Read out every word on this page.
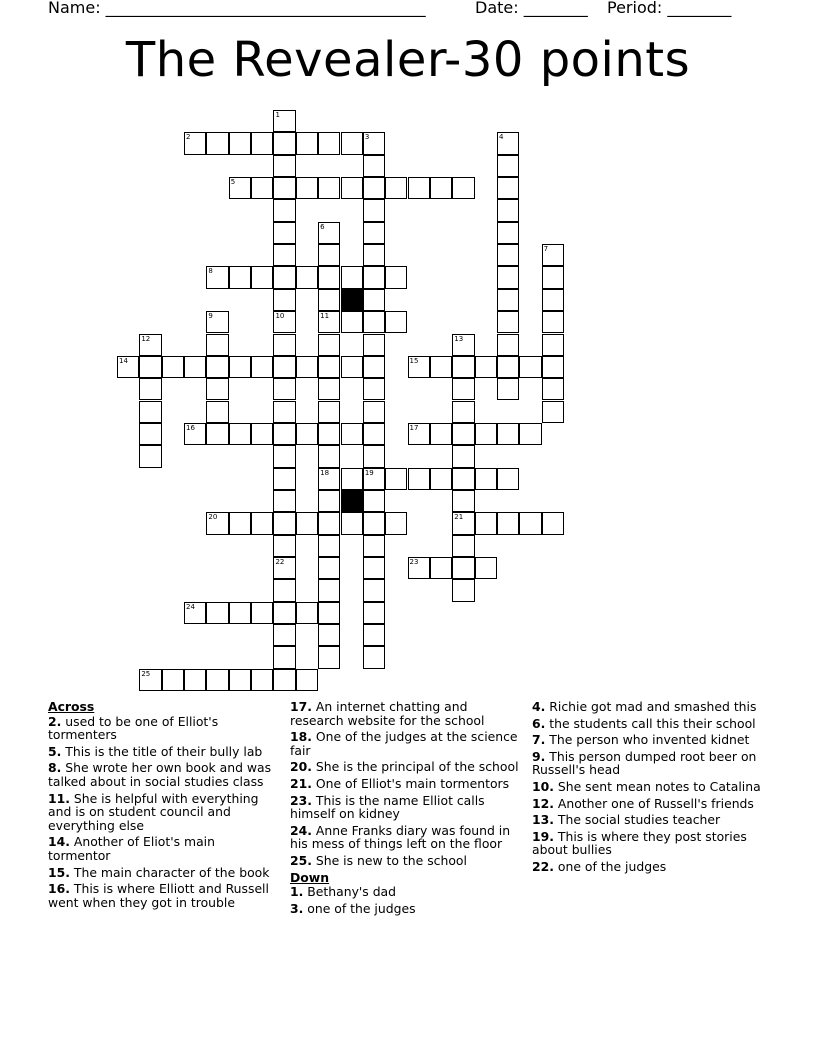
Name: ________________________________________	Date: ________ Period: ________
The Revealer-30 points
1
10
22
2	3
19
4
5
6
11
18
7
8
9
12	13
21
14	15
16	17
20
23
24
25
Across
2. used to be one of Elliot's tormenters
5. This is the title of their bully lab
8. She wrote her own book and was talked about in social studies class
11. She is helpful with everything and is on student council and everything else
14. Another of Eliot's main tormentor
15. The main character of the book
16. This is where Elliott and Russell went when they got in trouble
17. An internet chatting and research website for the school
18. One of the judges at the science fair
20. She is the principal of the school
21. One of Elliot's main tormentors
23. This is the name Elliot calls himself on kidney
24. Anne Franks diary was found in his mess of things left on the floor
25. She is new to the school
Down
1. Bethany's dad
3. one of the judges
4. Richie got mad and smashed this
6. the students call this their school
7. The person who invented kidnet
9. This person dumped root beer on Russell's head
10. She sent mean notes to Catalina
12. Another one of Russell's friends
13. The social studies teacher
19. This is where they post stories about bullies
22. one of the judges
